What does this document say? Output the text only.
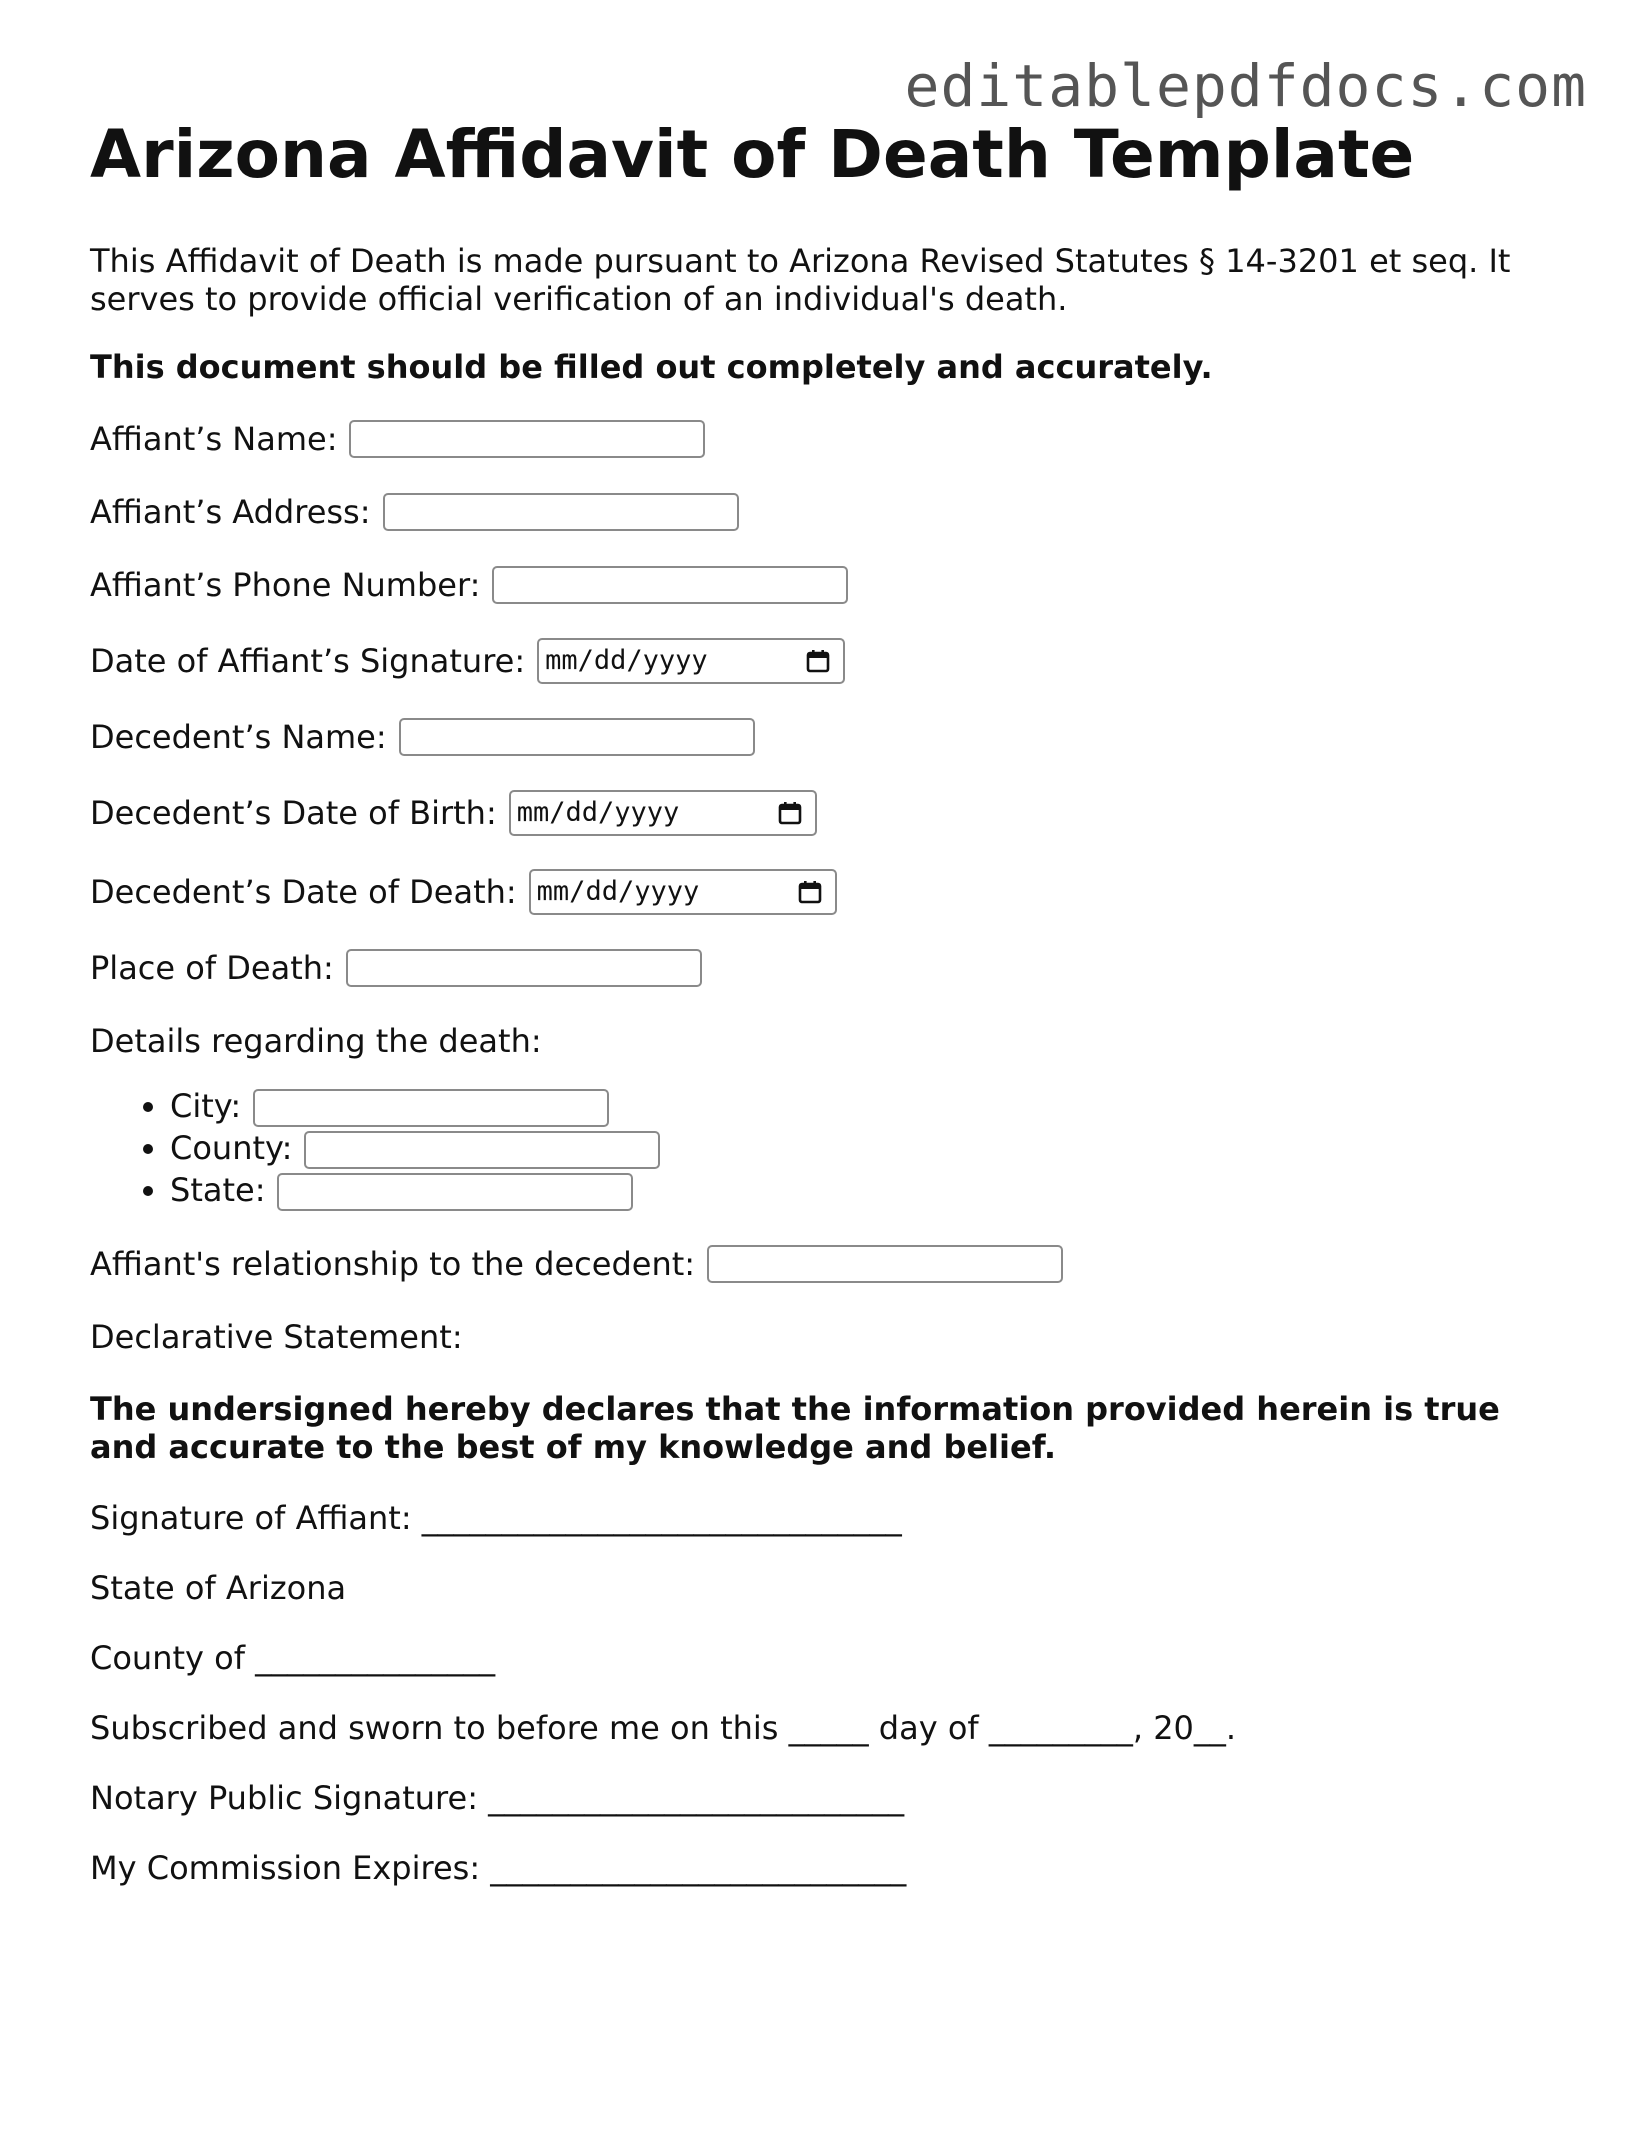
editablepdfdocs.com
Arizona Affidavit of Death Template

This Affidavit of Death is made pursuant to Arizona Revised Statutes § 14-3201 et seq. It serves to provide official verification of an individual's death.

This document should be filled out completely and accurately.

Affiant’s Name:
Affiant’s Address:
Affiant’s Phone Number:
Date of Affiant’s Signature: mm/dd/yyyy
Decedent’s Name:
Decedent’s Date of Birth: mm/dd/yyyy
Decedent’s Date of Death: mm/dd/yyyy
Place of Death:
Details regarding the death:
• City:
• County:
• State:
Affiant's relationship to the decedent:
Declarative Statement:

The undersigned hereby declares that the information provided herein is true and accurate to the best of my knowledge and belief.

Signature of Affiant: ______________________________
State of Arizona
County of _______________
Subscribed and sworn to before me on this _____ day of _________, 20__.
Notary Public Signature: __________________________
My Commission Expires: __________________________
